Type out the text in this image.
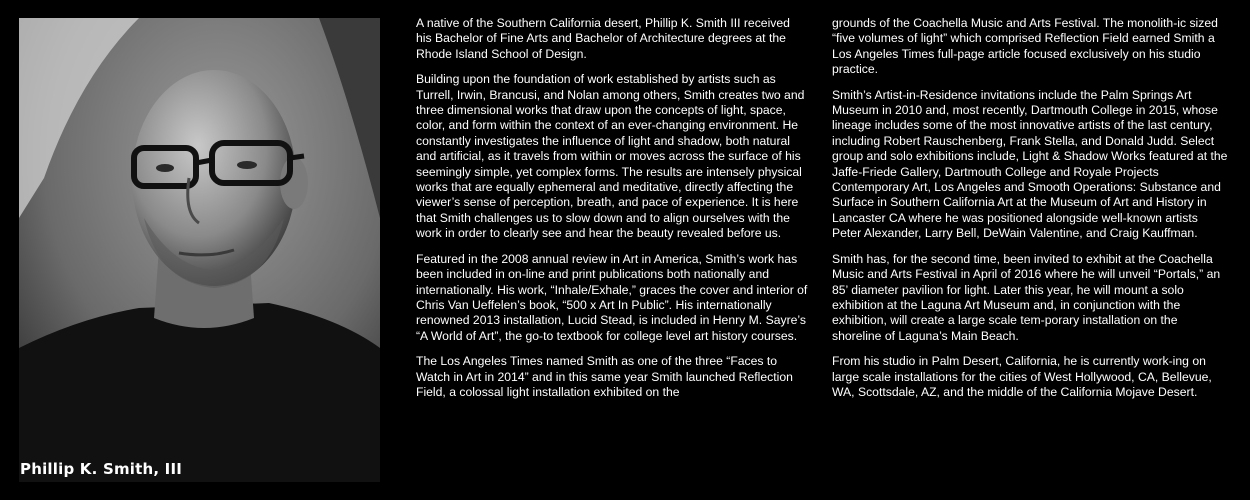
Phillip K. Smith, III

A native of the Southern California desert, Phillip K. Smith III received his Bachelor of Fine Arts and Bachelor of Architecture degrees at the Rhode Island School of Design.

Building upon the foundation of work established by artists such as Turrell, Irwin, Brancusi, and Nolan among others, Smith creates two and three dimensional works that draw upon the concepts of light, space, color, and form within the context of an ever-changing environment. He constantly investigates the influence of light and shadow, both natural and artificial, as it travels from within or moves across the surface of his seemingly simple, yet complex forms. The results are intensely physical works that are equally ephemeral and meditative, directly affecting the viewer’s sense of perception, breath, and pace of experience. It is here that Smith challenges us to slow down and to align ourselves with the work in order to clearly see and hear the beauty revealed before us.

Featured in the 2008 annual review in Art in America, Smith’s work has been included in on-line and print publications both nationally and internationally. His work, “Inhale/Exhale,” graces the cover and interior of Chris Van Ueffelen’s book, “500 x Art In Public”. His internationally renowned 2013 installation, Lucid Stead, is included in Henry M. Sayre’s “A World of Art”, the go-to textbook for college level art history courses.

The Los Angeles Times named Smith as one of the three “Faces to Watch in Art in 2014” and in this same year Smith launched Reflection Field, a colossal light installation exhibited on the

grounds of the Coachella Music and Arts Festival. The monolith-ic sized “five volumes of light” which comprised Reflection Field earned Smith a Los Angeles Times full-page article focused exclusively on his studio practice.

Smith’s Artist-in-Residence invitations include the Palm Springs Art Museum in 2010 and, most recently, Dartmouth College in 2015, whose lineage includes some of the most innovative artists of the last century, including Robert Rauschenberg, Frank Stella, and Donald Judd. Select group and solo exhibitions include, Light & Shadow Works featured at the Jaffe-Friede Gallery, Dartmouth College and Royale Projects Contemporary Art, Los Angeles and Smooth Operations: Substance and Surface in Southern California Art at the Museum of Art and History in Lancaster CA where he was positioned alongside well-known artists Peter Alexander, Larry Bell, DeWain Valentine, and Craig Kauffman.

Smith has, for the second time, been invited to exhibit at the Coachella Music and Arts Festival in April of 2016 where he will unveil “Portals,” an 85’ diameter pavilion for light. Later this year, he will mount a solo exhibition at the Laguna Art Museum and, in conjunction with the exhibition, will create a large scale tem-porary installation on the shoreline of Laguna’s Main Beach.

From his studio in Palm Desert, California, he is currently work-ing on large scale installations for the cities of West Hollywood, CA, Bellevue, WA, Scottsdale, AZ, and the middle of the California Mojave Desert.
